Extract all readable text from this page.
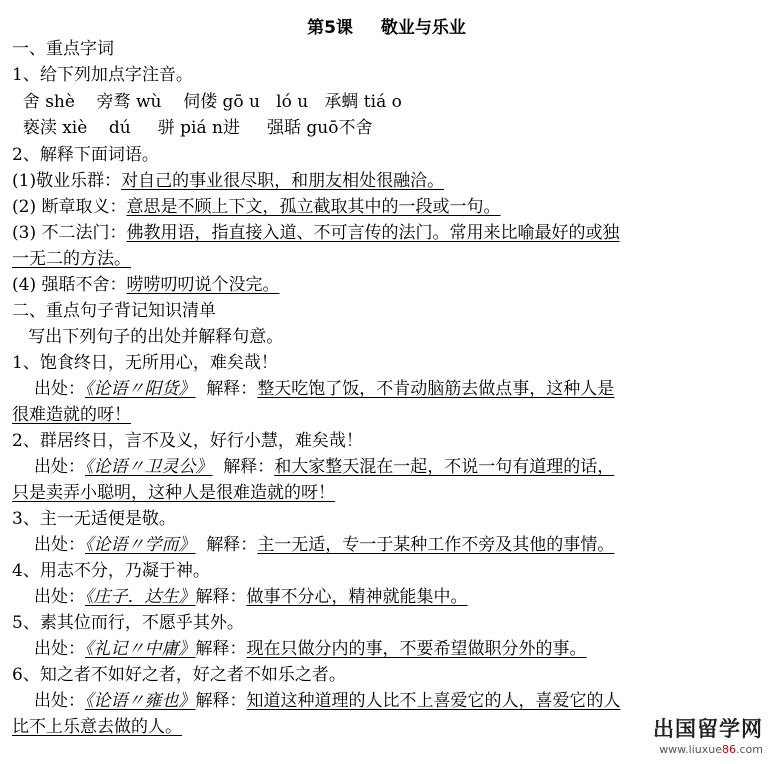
第5课 敬业与乐业
一、重点字词
1、给下列加点字注音。
舍 shè    旁骛 wù    伺偻 gō u   ló u   承蜩 tiá o
亵渎 xiè    dú     骈 piá n进     强聒 guō不舍
2、解释下面词语。
(1)敬业乐群：对自己的事业很尽职，和朋友相处很融洽。
(2) 断章取义：意思是不顾上下文，孤立截取其中的一段或一句。
(3) 不二法门：佛教用语，指直接入道、不可言传的法门。常用来比喻最好的或独
一无二的方法。
(4) 强聒不舍：唠唠叨叨说个没完。
二、重点句子背记知识清单
写出下列句子的出处并解释句意。
1、饱食终日，无所用心，难矣哉！
出处：《论语〃阳货》 解释：整天吃饱了饭，不肯动脑筋去做点事，这种人是
很难造就的呀！
2、群居终日，言不及义，好行小慧，难矣哉！
出处：《论语〃卫灵公》 解释：和大家整天混在一起，不说一句有道理的话，
只是卖弄小聪明，这种人是很难造就的呀！
3、主一无适便是敬。
出处：《论语〃学而》 解释：主一无适，专一于某种工作不旁及其他的事情。
4、用志不分，乃凝于神。
出处：《庄子．达生》解释：做事不分心，精神就能集中。
5、素其位而行，不愿乎其外。
出处：《礼记〃中庸》解释：现在只做分内的事，不要希望做职分外的事。
6、知之者不如好之者，好之者不如乐之者。
出处：《论语〃雍也》解释：知道这种道理的人比不上喜爱它的人，喜爱它的人
比不上乐意去做的人。	出国留学网
www.liuxue86.com
